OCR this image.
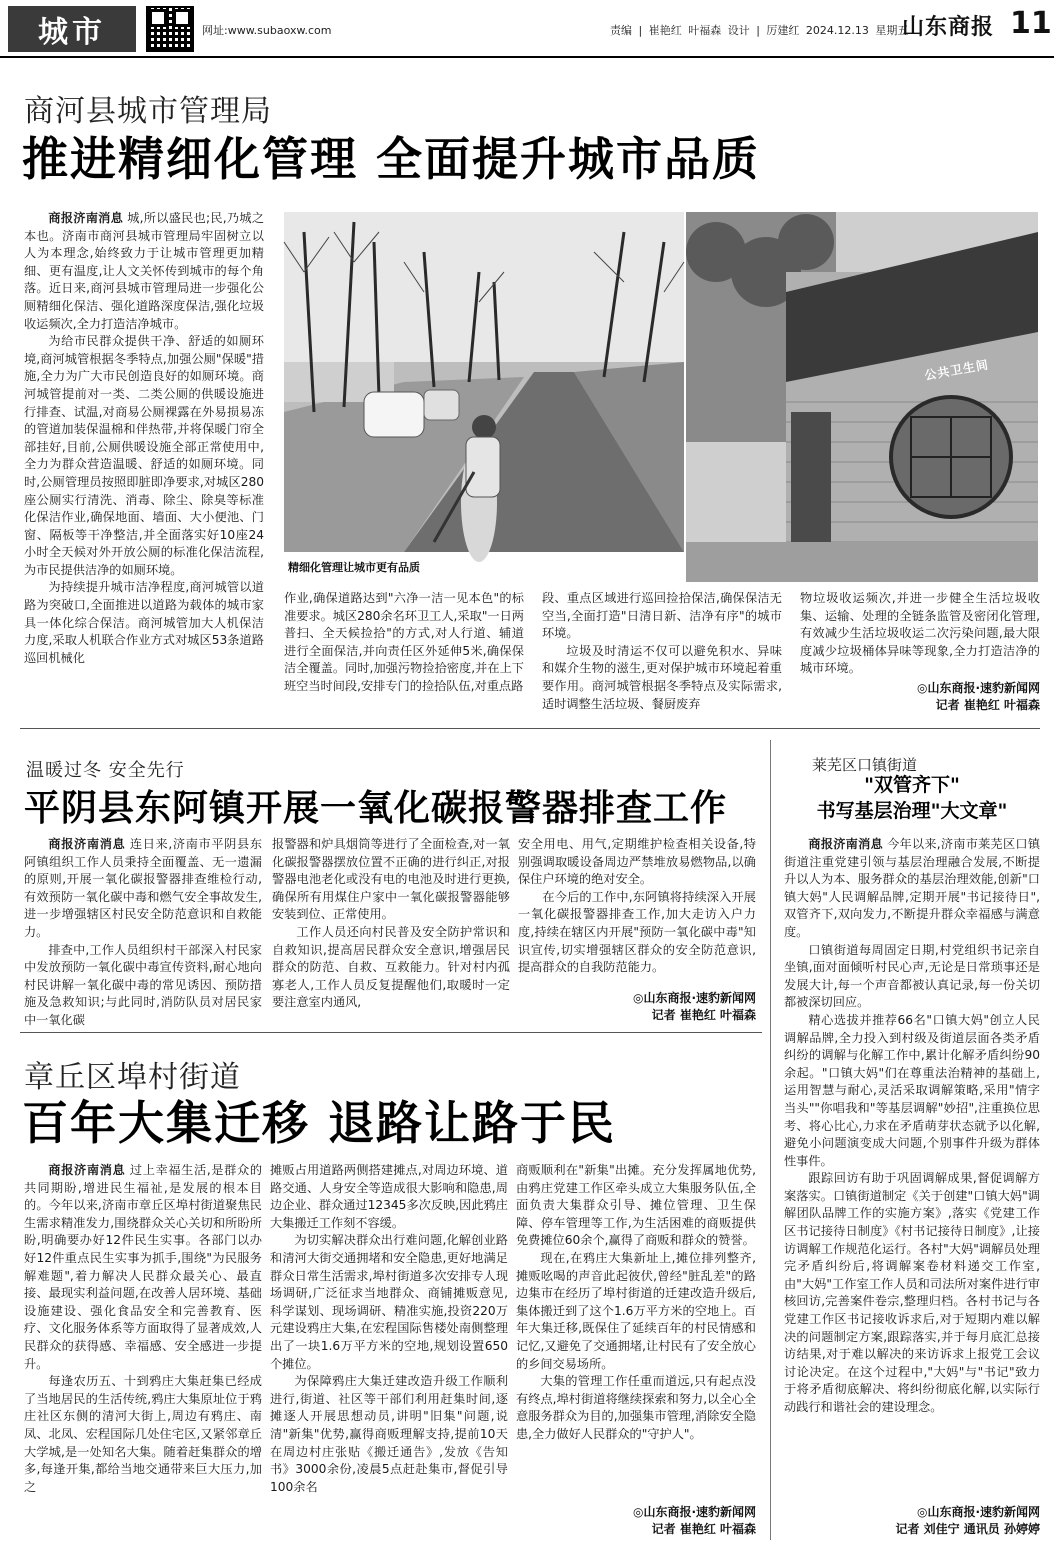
城市	网址:www.subaoxw.com	责编 | 崔艳红 叶福森 设计 | 厉建红 2024.12.13 星期五
山东商报 11
商河县城市管理局
推进精细化管理 全面提升城市品质

商报济南消息 城,所以盛民也;民,乃城之本也。济南市商河县城市管理局牢固树立以人为本理念,始终致力于让城市管理更加精细、更有温度,让人文关怀传到城市的每个角落。近日来,商河县城市管理局进一步强化公厕精细化保洁、强化道路深度保洁,强化垃圾收运频次,全力打造洁净城市。

为给市民群众提供干净、舒适的如厕环境,商河城管根据冬季特点,加强公厕"保暖"措施,全力为广大市民创造良好的如厕环境。商河城管提前对一类、二类公厕的供暖设施进行排查、试温,对商易公厕裸露在外易损易冻的管道加装保温棉和伴热带,并将保暖门帘全部挂好,目前,公厕供暖设施全部正常使用中,全力为群众营造温暖、舒适的如厕环境。同时,公厕管理员按照即脏即净要求,对城区280座公厕实行清洗、消毒、除尘、除臭等标准化保洁作业,确保地面、墙面、大小便池、门窗、隔板等干净整洁,并全面落实好10座24小时全天候对外开放公厕的标准化保洁流程,为市民提供洁净的如厕环境。

为持续提升城市洁净程度,商河城管以道路为突破口,全面推进以道路为载体的城市家具一体化综合保洁。商河城管加大人机保洁力度,采取人机联合作业方式对城区53条道路巡回机械化

精细化管理让城市更有品质
公共卫生间

作业,确保道路达到"六净一洁一见本色"的标准要求。城区280余名环卫工人,采取"一日两普扫、全天候捡拾"的方式,对人行道、辅道进行全面保洁,并向责任区外延伸5米,确保保洁全覆盖。同时,加强污物捡拾密度,并在上下班空当时间段,安排专门的捡拾队伍,对重点路

段、重点区域进行巡回捡拾保洁,确保保洁无空当,全面打造"日清日新、洁净有序"的城市环境。

垃圾及时清运不仅可以避免积水、异味和媒介生物的滋生,更对保护城市环境起着重要作用。商河城管根据冬季特点及实际需求,适时调整生活垃圾、餐厨废弃

物垃圾收运频次,并进一步健全生活垃圾收集、运输、处理的全链条监管及密闭化管理,有效减少生活垃圾收运二次污染问题,最大限度减少垃圾桶体异味等现象,全力打造洁净的城市环境。

◎山东商报·速豹新闻网
记者 崔艳红 叶福森
温暖过冬 安全先行
平阴县东阿镇开展一氧化碳报警器排查工作

商报济南消息 连日来,济南市平阴县东阿镇组织工作人员秉持全面覆盖、无一遗漏的原则,开展一氧化碳报警器排查维检行动,有效预防一氧化碳中毒和燃气安全事故发生,进一步增强辖区村民安全防范意识和自救能力。

排查中,工作人员组织村干部深入村民家中发放预防一氧化碳中毒宣传资料,耐心地向村民讲解一氧化碳中毒的常见诱因、预防措施及急救知识;与此同时,消防队员对居民家中一氧化碳

报警器和炉具烟筒等进行了全面检查,对一氧化碳报警器摆放位置不正确的进行纠正,对报警器电池老化或没有电的电池及时进行更换,确保所有用煤住户家中一氧化碳报警器能够安装到位、正常使用。

工作人员还向村民普及安全防护常识和自救知识,提高居民群众安全意识,增强居民群众的防范、自救、互救能力。针对村内孤寡老人,工作人员反复提醒他们,取暖时一定要注意室内通风,

安全用电、用气,定期维护检查相关设备,特别强调取暖设备周边严禁堆放易燃物品,以确保住户环境的绝对安全。

在今后的工作中,东阿镇将持续深入开展一氧化碳报警器排查工作,加大走访入户力度,持续在辖区内开展"预防一氧化碳中毒"知识宣传,切实增强辖区群众的安全防范意识,提高群众的自我防范能力。

◎山东商报·速豹新闻网
记者 崔艳红 叶福森
章丘区埠村街道
百年大集迁移 退路让路于民

商报济南消息 过上幸福生活,是群众的共同期盼,增进民生福祉,是发展的根本目的。今年以来,济南市章丘区埠村街道聚焦民生需求精准发力,围绕群众关心关切和所盼所盼,明确要办好12件民生实事。各部门以办好12件重点民生实事为抓手,围绕"为民服务解难题",着力解决人民群众最关心、最直接、最现实利益问题,在改善人居环境、基础设施建设、强化食品安全和完善教育、医疗、文化服务体系等方面取得了显著成效,人民群众的获得感、幸福感、安全感进一步提升。

每逢农历五、十到鸦庄大集赶集已经成了当地居民的生活传统,鸦庄大集原址位于鸦庄社区东侧的清河大街上,周边有鸦庄、南凤、北凤、宏程国际几处住宅区,又紧邻章丘大学城,是一处知名大集。随着赶集群众的增多,每逢开集,都给当地交通带来巨大压力,加之

摊贩占用道路两侧搭建摊点,对周边环境、道路交通、人身安全等造成很大影响和隐患,周边企业、群众通过12345多次反映,因此鸦庄大集搬迁工作刻不容缓。

为切实解决群众出行难问题,化解创业路和清河大街交通拥堵和安全隐患,更好地满足群众日常生活需求,埠村街道多次安排专人现场调研,广泛征求当地群众、商铺摊贩意见,科学谋划、现场调研、精准实施,投资220万元建设鸦庄大集,在宏程国际售楼处南侧整理出了一块1.6万平方米的空地,规划设置650个摊位。

为保障鸦庄大集迁建改造升级工作顺利进行,街道、社区等干部们利用赶集时间,逐摊逐人开展思想动员,讲明"旧集"问题,说清"新集"优势,赢得商贩理解支持,提前10天在周边村庄张贴《搬迁通告》,发放《告知书》3000余份,凌晨5点赶赴集市,督促引导100余名

商贩顺利在"新集"出摊。充分发挥属地优势,由鸦庄党建工作区牵头成立大集服务队伍,全面负责大集群众引导、摊位管理、卫生保障、停车管理等工作,为生活困难的商贩提供免费摊位60余个,赢得了商贩和群众的赞誉。

现在,在鸦庄大集新址上,摊位排列整齐,摊贩吆喝的声音此起彼伏,曾经"脏乱差"的路边集市在经历了埠村街道的迁建改造升级后,集体搬迁到了这个1.6万平方米的空地上。百年大集迁移,既保住了延续百年的村民情感和记忆,又避免了交通拥堵,让村民有了安全放心的乡间交易场所。

大集的管理工作任重而道远,只有起点没有终点,埠村街道将继续探索和努力,以全心全意服务群众为目的,加强集市管理,消除安全隐患,全力做好人民群众的"守护人"。

◎山东商报·速豹新闻网
记者 崔艳红 叶福森
莱芜区口镇街道
"双管齐下"
书写基层治理"大文章"

商报济南消息 今年以来,济南市莱芜区口镇街道注重党建引领与基层治理融合发展,不断提升以人为本、服务群众的基层治理效能,创新"口镇大妈"人民调解品牌,定期开展"书记接待日",双管齐下,双向发力,不断提升群众幸福感与满意度。

口镇街道每周固定日期,村党组织书记亲自坐镇,面对面倾听村民心声,无论是日常琐事还是发展大计,每一个声音都被认真记录,每一份关切都被深切回应。

精心选拔并推荐66名"口镇大妈"创立人民调解品牌,全力投入到村级及街道层面各类矛盾纠纷的调解与化解工作中,累计化解矛盾纠纷90余起。"口镇大妈"们在尊重法治精神的基础上,运用智慧与耐心,灵活采取调解策略,采用"情字当头""你唱我和"等基层调解"妙招",注重换位思考、将心比心,力求在矛盾萌芽状态就予以化解,避免小问题演变成大问题,个别事件升级为群体性事件。

跟踪回访有助于巩固调解成果,督促调解方案落实。口镇街道制定《关于创建"口镇大妈"调解团队品牌工作的实施方案》,落实《党建工作区书记接待日制度》《村书记接待日制度》,让接访调解工作规范化运行。各村"大妈"调解员处理完矛盾纠纷后,将调解案卷材料递交工作室,由"大妈"工作室工作人员和司法所对案件进行审核回访,完善案件卷宗,整理归档。各村书记与各党建工作区书记接收诉求后,对于短期内难以解决的问题制定方案,跟踪落实,并于每月底汇总接访结果,对于难以解决的来访诉求上报党工会议讨论决定。在这个过程中,"大妈"与"书记"致力于将矛盾彻底解决、将纠纷彻底化解,以实际行动践行和谐社会的建设理念。

◎山东商报·速豹新闻网
记者 刘佳宁 通讯员 孙婷婷
